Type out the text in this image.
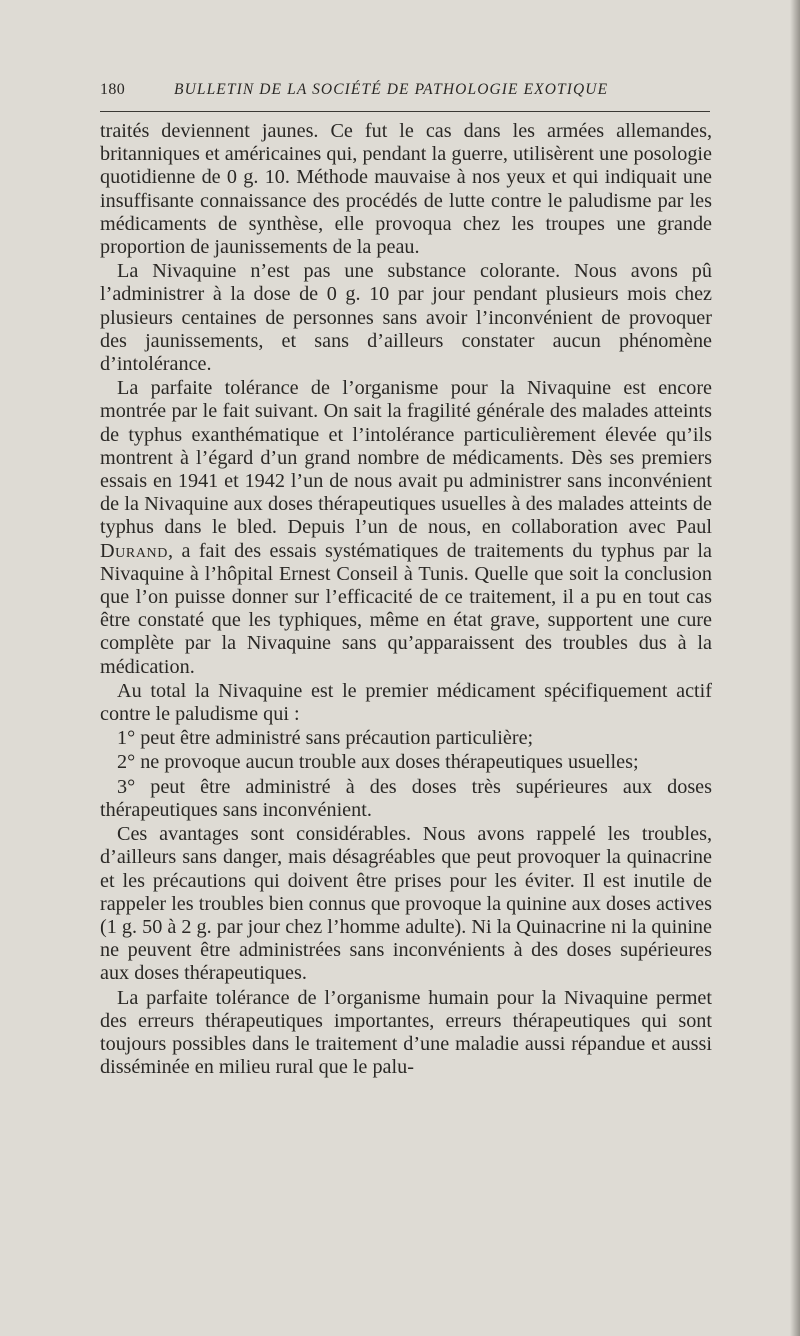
180	BULLETIN DE LA SOCIÉTÉ DE PATHOLOGIE EXOTIQUE

traités deviennent jaunes. Ce fut le cas dans les armées allemandes, britanniques et américaines qui, pendant la guerre, utilisèrent une posologie quotidienne de 0 g. 10. Méthode mauvaise à nos yeux et qui indiquait une insuffisante connaissance des procédés de lutte contre le paludisme par les médicaments de synthèse, elle provoqua chez les troupes une grande proportion de jaunissements de la peau.

La Nivaquine n’est pas une substance colorante. Nous avons pû l’administrer à la dose de 0 g. 10 par jour pendant plusieurs mois chez plusieurs centaines de personnes sans avoir l’inconvénient de provoquer des jaunissements, et sans d’ailleurs constater aucun phénomène d’intolérance.

La parfaite tolérance de l’organisme pour la Nivaquine est encore montrée par le fait suivant. On sait la fragilité générale des malades atteints de typhus exanthématique et l’intolérance particulièrement élevée qu’ils montrent à l’égard d’un grand nombre de médicaments. Dès ses premiers essais en 1941 et 1942 l’un de nous avait pu administrer sans inconvénient de la Nivaquine aux doses thérapeutiques usuelles à des malades atteints de typhus dans le bled. Depuis l’un de nous, en collaboration avec Paul Durand, a fait des essais systématiques de traitements du typhus par la Nivaquine à l’hôpital Ernest Conseil à Tunis. Quelle que soit la conclusion que l’on puisse donner sur l’efficacité de ce traitement, il a pu en tout cas être constaté que les typhiques, même en état grave, supportent une cure complète par la Nivaquine sans qu’apparaissent des troubles dus à la médication.

Au total la Nivaquine est le premier médicament spécifiquement actif contre le paludisme qui :

1° peut être administré sans précaution particulière;

2° ne provoque aucun trouble aux doses thérapeutiques usuelles;

3° peut être administré à des doses très supérieures aux doses thérapeutiques sans inconvénient.

Ces avantages sont considérables. Nous avons rappelé les troubles, d’ailleurs sans danger, mais désagréables que peut provoquer la quinacrine et les précautions qui doivent être prises pour les éviter. Il est inutile de rappeler les troubles bien connus que provoque la quinine aux doses actives (1 g. 50 à 2 g. par jour chez l’homme adulte). Ni la Quinacrine ni la quinine ne peuvent être administrées sans inconvénients à des doses supérieures aux doses thérapeutiques.

La parfaite tolérance de l’organisme humain pour la Nivaquine permet des erreurs thérapeutiques importantes, erreurs thérapeutiques qui sont toujours possibles dans le traitement d’une maladie aussi répandue et aussi disséminée en milieu rural que le palu-
